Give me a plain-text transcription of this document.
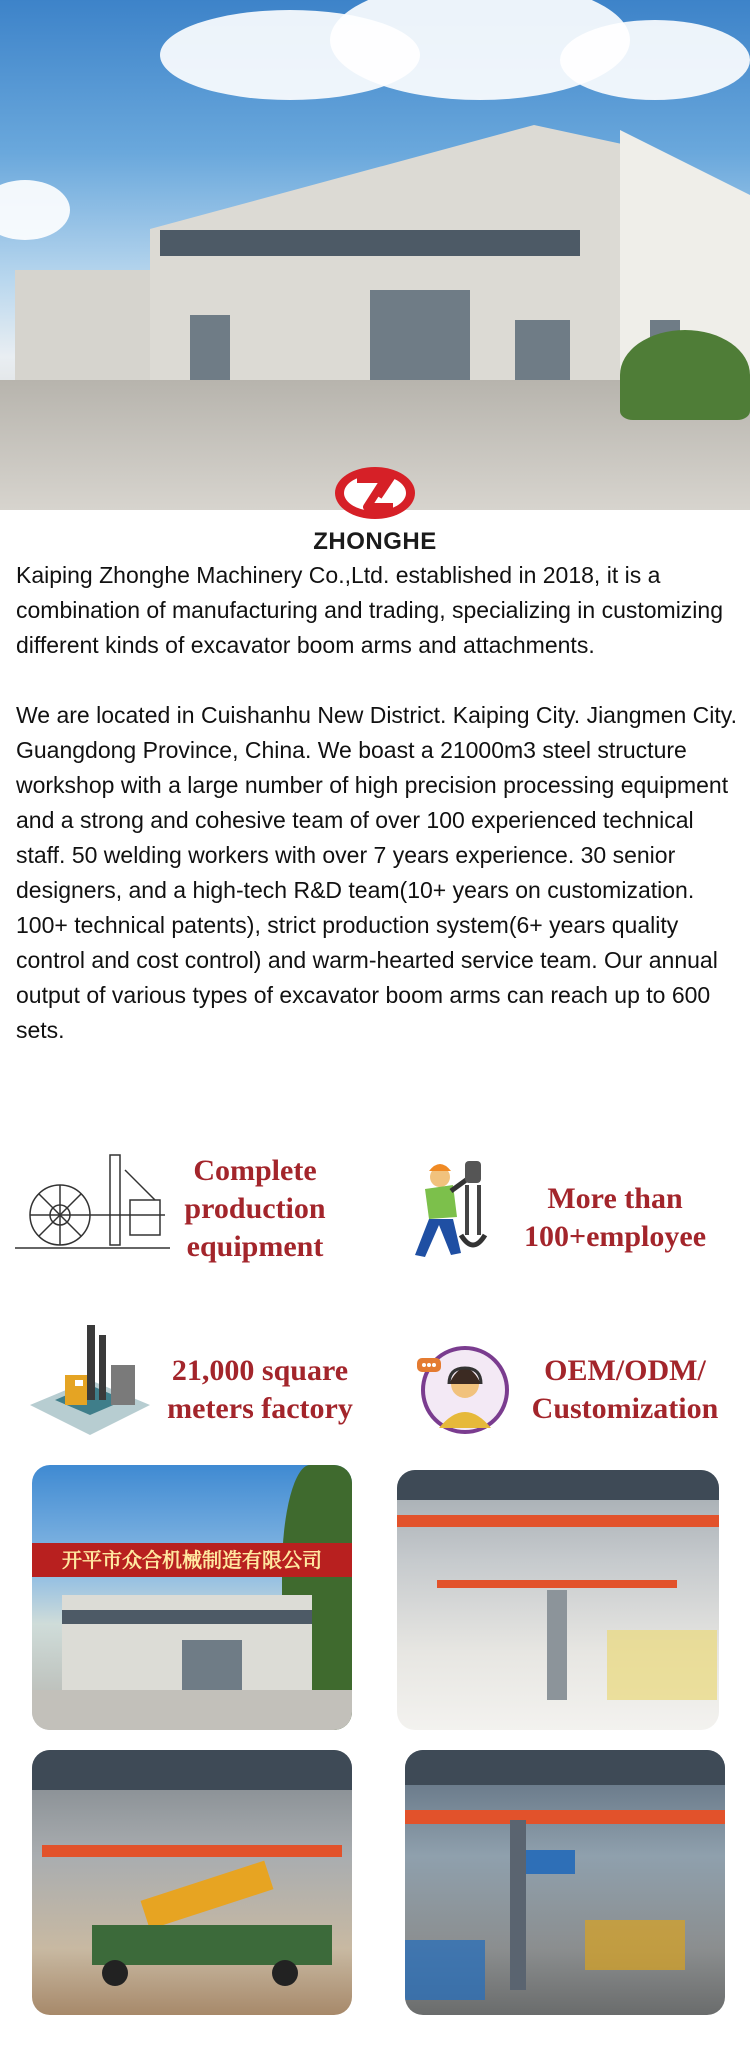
ZHONGHE

Kaiping Zhonghe Machinery Co.,Ltd. established in 2018, it is a combination of manufacturing and trading, specializing in customizing different kinds of excavator boom arms and attachments.

We are located in Cuishanhu New District. Kaiping City. Jiangmen City. Guangdong Province, China. We boast a 21000m3 steel structure workshop with a large number of high precision processing equipment and a strong and cohesive team of over 100 experienced technical staff. 50 welding workers with over 7 years experience. 30 senior designers, and a high-tech R&D team(10+ years on customization. 100+ technical patents), strict production system(6+ years quality control and cost control) and warm-hearted service team. Our annual output of various types of excavator boom arms can reach up to 600 sets.

Complete
production
equipment
More than
100+employee
21,000 square
meters factory
OEM/ODM/
Customization
开平市众合机械制造有限公司
